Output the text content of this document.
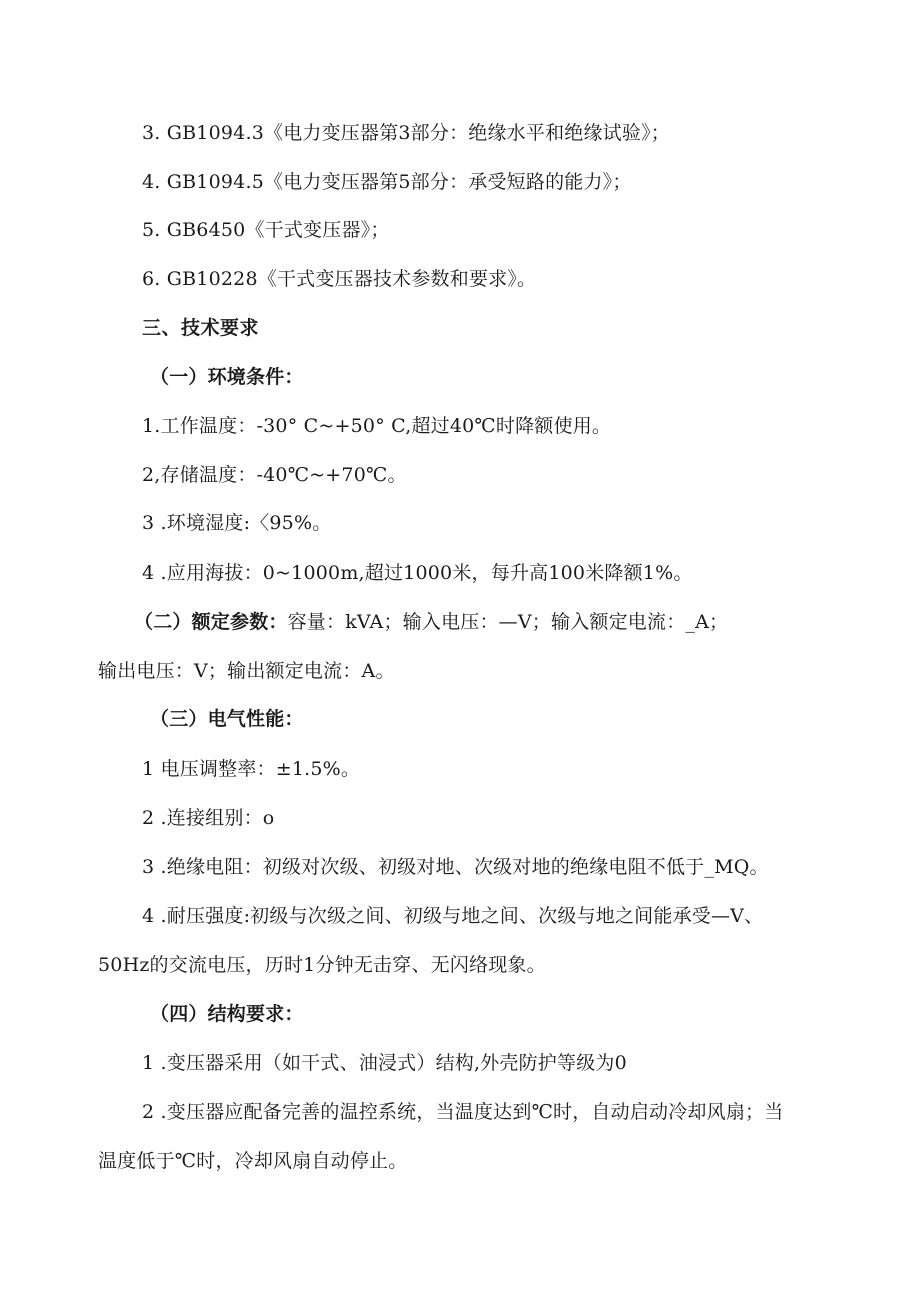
3. GB1094.3《电力变压器第3部分：绝缘水平和绝缘试验》；
4. GB1094.5《电力变压器第5部分：承受短路的能力》；
5. GB6450《干式变压器》；
6. GB10228《干式变压器技术参数和要求》。
三、技术要求
（一）环境条件：
1.工作温度：-30° C~+50° C,超过40℃时降额使用。
2,存储温度：-40℃~+70℃。
3 .环境湿度:〈95%。
4 .应用海拔：0~1000m,超过1000米，每升高100米降额1%。
（二）额定参数：容量：kVA；输入电压：—V；输入额定电流：_A；
输出电压：V；输出额定电流：A。
（三）电气性能：
1 电压调整率：±1.5%。
2 .连接组别：o
3 .绝缘电阻：初级对次级、初级对地、次级对地的绝缘电阻不低于_MQ。
4 .耐压强度:初级与次级之间、初级与地之间、次级与地之间能承受—V、
50Hz的交流电压，历时1分钟无击穿、无闪络现象。
（四）结构要求：
1 .变压器采用（如干式、油浸式）结构,外壳防护等级为0
2 .变压器应配备完善的温控系统，当温度达到℃时，自动启动冷却风扇；当
温度低于℃时，冷却风扇自动停止。
